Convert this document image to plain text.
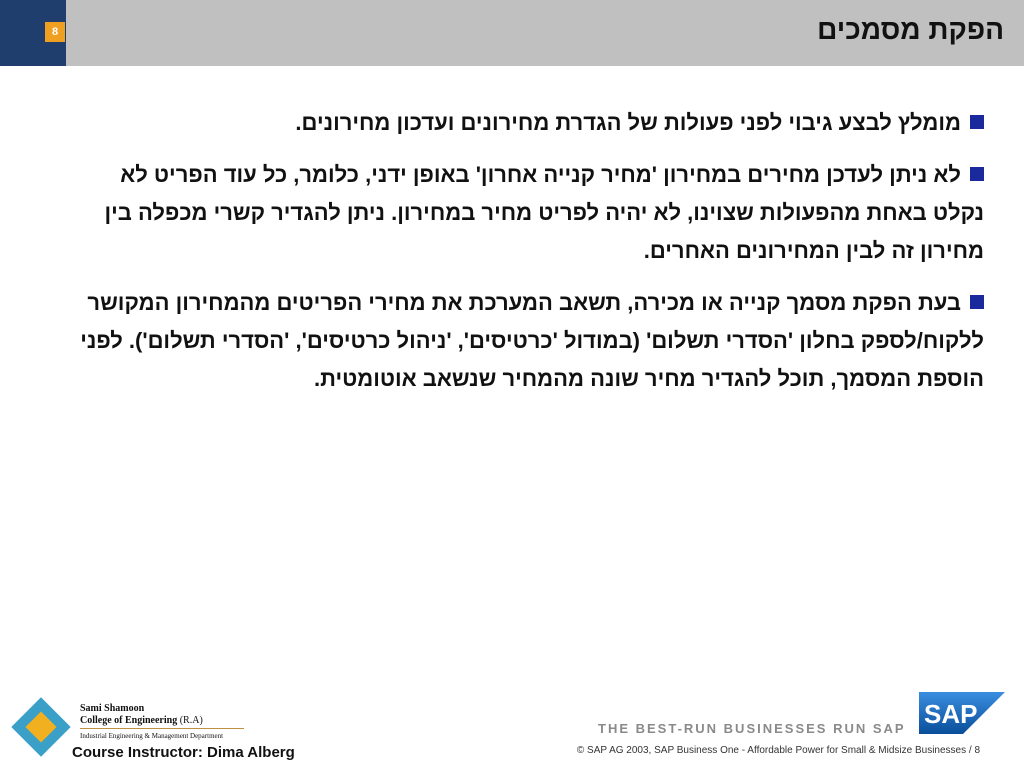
8	הפקת מסמכים
מומלץ לבצע גיבוי לפני פעולות של הגדרת מחירונים ועדכון מחירונים.
לא ניתן לעדכן מחירים במחירון 'מחיר קנייה אחרון' באופן ידני, כלומר, כל עוד הפריט לא נקלט באחת מהפעולות שצוינו, לא יהיה לפריט מחיר במחירון. ניתן להגדיר קשרי מכפלה בין מחירון זה לבין המחירונים האחרים.
בעת הפקת מסמך קנייה או מכירה, תשאב המערכת את מחירי הפריטים מהמחירון המקושר ללקוח/לספק בחלון 'הסדרי תשלום' (במודול 'כרטיסים', 'ניהול כרטיסים', 'הסדרי תשלום'). לפני הוספת המסמך, תוכל להגדיר מחיר שונה מהמחיר שנשאב אוטומטית.
Sami Shamoon
College of Engineering (R.A)
Industrial Engineering & Management Department
Course Instructor: Dima Alberg
THE BEST-RUN BUSINESSES RUN SAP SAP
© SAP AG 2003, SAP Business One - Affordable Power for Small & Midsize Businesses / 8
